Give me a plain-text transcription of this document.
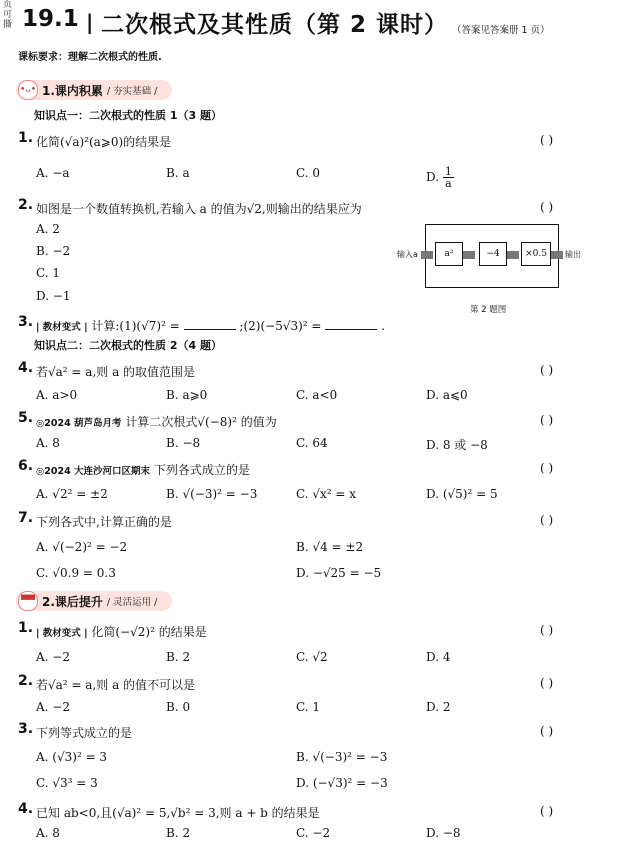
页可撕 19.1 | 二次根式及其性质（第 2 课时） （答案见答案册 1 页）
课标要求：理解二次根式的性质.
•ᴗ• 1.课内积累 / 夯实基础 /
知识点一：二次根式的性质 1（3 题）
1. 化简(√a)²(a⩾0)的结果是	( )
A. −a	B. a	C. 0	D. $\frac{1}{a}$
2. 如图是一个数值转换机,若输入 a 的值为√2,则输出的结果应为	( )
A. 2
B. −2
C. 1
D. −1
输入a	a²	−4	×0.5	输出
第 2 题图
3. | 教材变式 | 计算:(1)(√7)² =	;(2)(−5√3)² =	.
知识点二：二次根式的性质 2（4 题）
4. 若√a² = a,则 a 的取值范围是	( )
A. a>0	B. a⩾0	C. a<0	D. a⩽0
5. ◎2024 葫芦岛月考 计算二次根式√(−8)² 的值为	( )
A. 8	B. −8	C. 64	D. 8 或 −8
6. ◎2024 大连沙河口区期末 下列各式成立的是	( )
A. √2² = ±2	B. √(−3)² = −3	C. √x² = x	D. (√5)² = 5
7. 下列各式中,计算正确的是	( )
A. √(−2)² = −2	B. √4 = ±2
C. √0.9 = 0.3	D. −√25 = −5
▀▀ 2.课后提升 / 灵活运用 /
1. | 教材变式 | 化简(−√2)² 的结果是	( )
A. −2	B. 2	C. √2	D. 4
2. 若√a² = a,则 a 的值不可以是	( )
A. −2	B. 0	C. 1	D. 2
3. 下列等式成立的是	( )
A. (√3)² = 3	B. √(−3)² = −3
C. √3³ = 3	D. (−√3)² = −3
4. 已知 ab<0,且(√a)² = 5,√b² = 3,则 a + b 的结果是	( )
A. 8	B. 2	C. −2	D. −8
